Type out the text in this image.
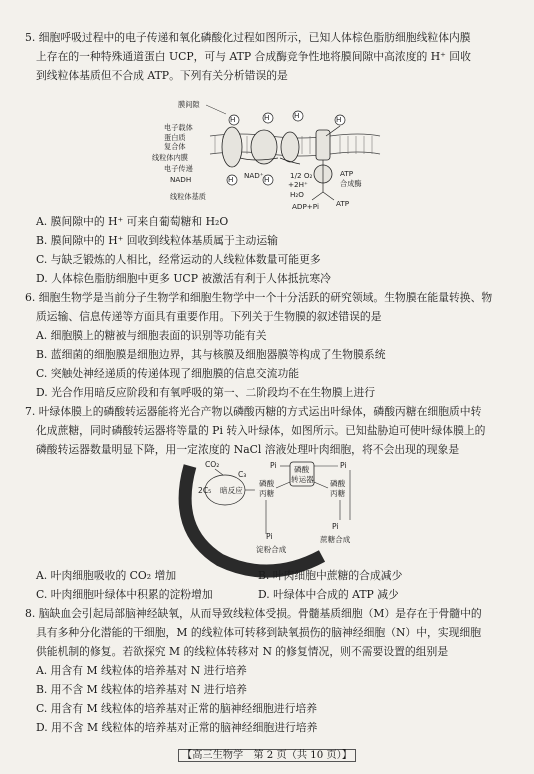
5. 细胞呼吸过程中的电子传递和氧化磷酸化过程如图所示，已知人体棕色脂肪细胞线粒体内膜
上存在的一种特殊通道蛋白 UCP，可与 ATP 合成酶竞争性地将膜间隙中高浓度的 H⁺ 回收
到线粒体基质但不合成 ATP。下列有关分析错误的是
H	H	H	H
H	H
膜间隙
电子载体
蛋白质
复合体
线粒体内膜
电子传递
NADH	NAD⁺	1/2 O₂
+2H⁺
H₂O
ATP
合成酶
线粒体基质
ADP+Pi ATP
A. 膜间隙中的 H⁺ 可来自葡萄糖和 H₂O
B. 膜间隙中的 H⁺ 回收到线粒体基质属于主动运输
C. 与缺乏锻炼的人相比，经常运动的人线粒体数量可能更多
D. 人体棕色脂肪细胞中更多 UCP 被激活有利于人体抵抗寒冷
6. 细胞生物学是当前分子生物学和细胞生物学中一个十分活跃的研究领域。生物膜在能量转换、物
质运输、信息传递等方面具有重要作用。下列关于生物膜的叙述错误的是
A. 细胞膜上的糖被与细胞表面的识别等功能有关
B. 蓝细菌的细胞膜是细胞边界，其与核膜及细胞器膜等构成了生物膜系统
C. 突触处神经递质的传递体现了细胞膜的信息交流功能
D. 光合作用暗反应阶段和有氧呼吸的第一、二阶段均不在生物膜上进行
7. 叶绿体膜上的磷酸转运器能将光合产物以磷酸丙糖的方式运出叶绿体，磷酸丙糖在细胞质中转
化成蔗糖，同时磷酸转运器将等量的 Pi 转入叶绿体，如图所示。已知盐胁迫可使叶绿体膜上的
磷酸转运器数量明显下降，用一定浓度的 NaCl 溶液处理叶肉细胞，将不会出现的现象是
CO₂
C₃
2C₅ 暗反应
磷酸
丙糖
Pi
淀粉合成
磷酸
转运器
Pi	Pi
磷酸
丙糖
Pi
蔗糖合成
A. 叶肉细胞吸收的 CO₂ 增加	B. 叶肉细胞中蔗糖的合成减少
C. 叶肉细胞叶绿体中积累的淀粉增加	D. 叶绿体中合成的 ATP 减少
8. 脑缺血会引起局部脑神经缺氧，从而导致线粒体受损。骨髓基质细胞（M）是存在于骨髓中的
具有多种分化潜能的干细胞，M 的线粒体可转移到缺氧损伤的脑神经细胞（N）中，实现细胞
供能机制的修复。若欲探究 M 的线粒体转移对 N 的修复情况，则不需要设置的组别是
A. 用含有 M 线粒体的培养基对 N 进行培养
B. 用不含 M 线粒体的培养基对 N 进行培养
C. 用含有 M 线粒体的培养基对正常的脑神经细胞进行培养
D. 用不含 M 线粒体的培养基对正常的脑神经细胞进行培养
【高三生物学　第 2 页（共 10 页）】
